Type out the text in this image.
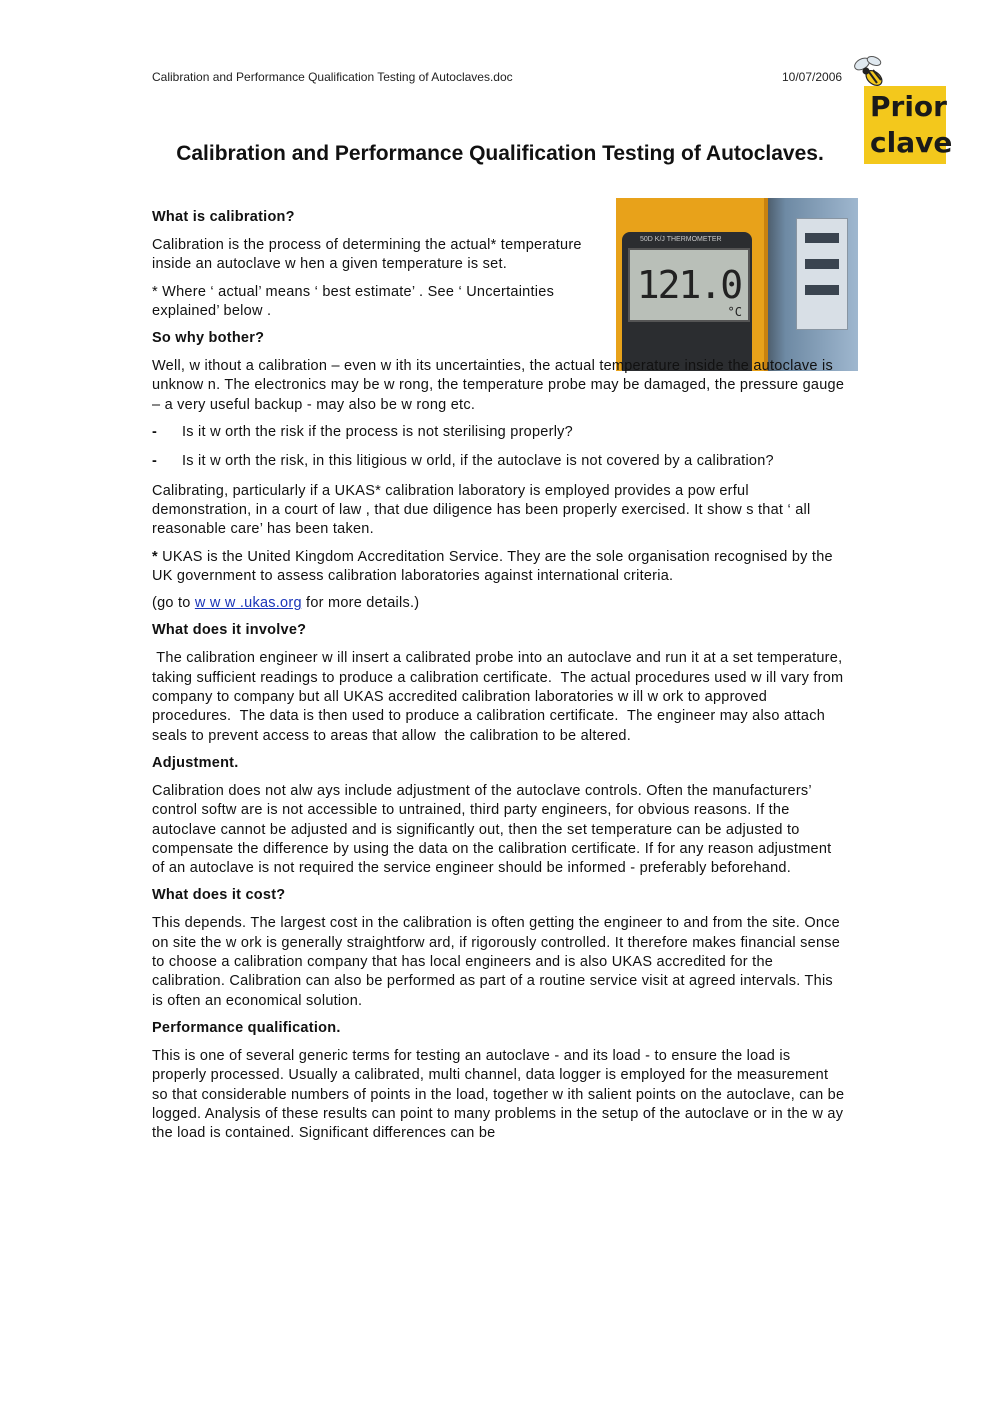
Calibration and Performance Qualification Testing of Autoclaves.doc	10/07/2006
Prior
clave
Calibration and Performance Qualification Testing of Autoclaves.
50D K/J THERMOMETER
121.0
°C
What is calibration?

Calibration is the process of determining the actual* temperature inside an autoclave w hen a given temperature is set.

* Where ‘ actual’ means ‘ best estimate’ . See ‘ Uncertainties explained’ below .

So why bother?

Well, w ithout a calibration – even w ith its uncertainties, the actual temperature inside the autoclave is unknow n. The electronics may be w rong, the temperature probe may be damaged, the pressure gauge – a very useful backup - may also be w rong etc.

- Is it w orth the risk if the process is not sterilising properly?
- Is it w orth the risk, in this litigious w orld, if the autoclave is not covered by a calibration?

Calibrating, particularly if a UKAS* calibration laboratory is employed provides a pow erful demonstration, in a court of law , that due diligence has been properly exercised. It show s that ‘ all reasonable care’ has been taken.

* UKAS is the United Kingdom Accreditation Service. They are the sole organisation recognised by the UK government to assess calibration laboratories against international criteria.

(go to w w w .ukas.org for more details.)

What does it involve?

The calibration engineer w ill insert a calibrated probe into an autoclave and run it at a set temperature, taking sufficient readings to produce a calibration certificate.  The actual procedures used w ill vary from company to company but all UKAS accredited calibration laboratories w ill w ork to approved procedures.  The data is then used to produce a calibration certificate.  The engineer may also attach seals to prevent access to areas that allow  the calibration to be altered.

Adjustment.

Calibration does not alw ays include adjustment of the autoclave controls. Often the manufacturers’ control softw are is not accessible to untrained, third party engineers, for obvious reasons. If the autoclave cannot be adjusted and is significantly out, then the set temperature can be adjusted to compensate the difference by using the data on the calibration certificate. If for any reason adjustment of an autoclave is not required the service engineer should be informed - preferably beforehand.

What does it cost?

This depends. The largest cost in the calibration is often getting the engineer to and from the site. Once on site the w ork is generally straightforw ard, if rigorously controlled. It therefore makes financial sense to choose a calibration company that has local engineers and is also UKAS accredited for the calibration. Calibration can also be performed as part of a routine service visit at agreed intervals. This is often an economical solution.

Performance qualification.

This is one of several generic terms for testing an autoclave - and its load - to ensure the load is properly processed. Usually a calibrated, multi channel, data logger is employed for the measurement so that considerable numbers of points in the load, together w ith salient points on the autoclave, can be logged. Analysis of these results can point to many problems in the setup of the autoclave or in the w ay the load is contained. Significant differences can be
